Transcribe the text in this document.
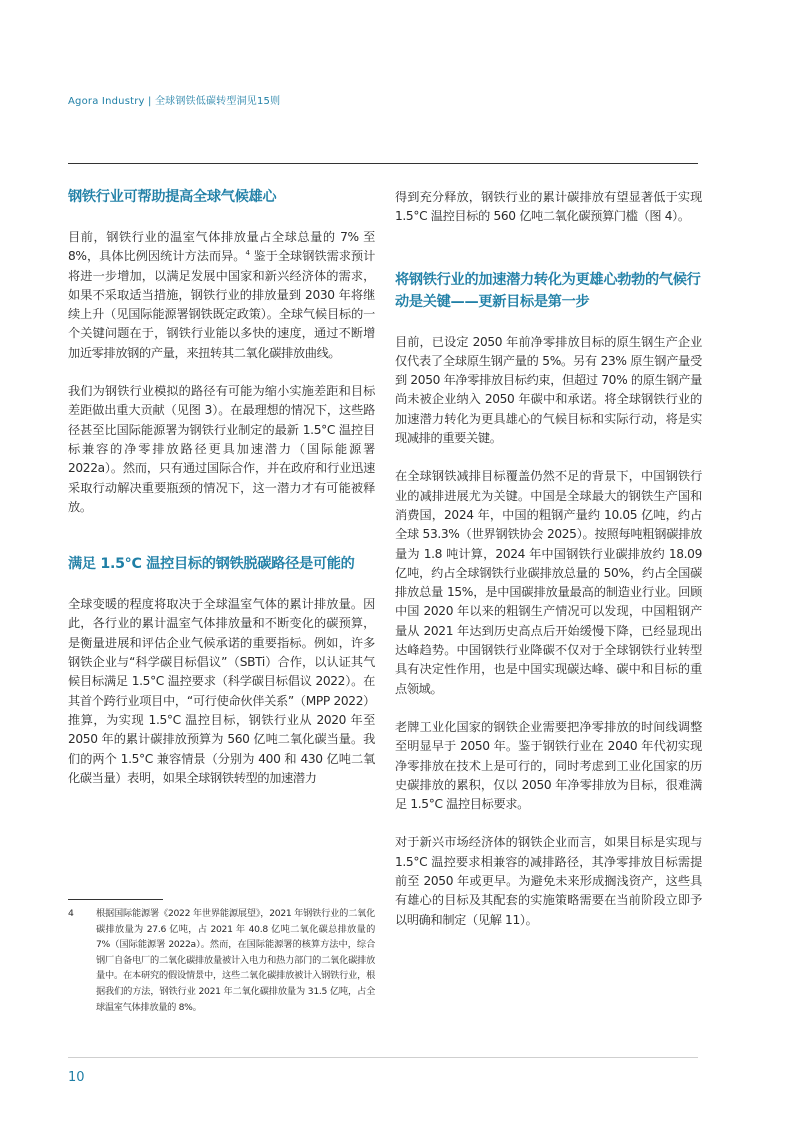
Agora Industry | 全球钢铁低碳转型洞见15则
钢铁行业可帮助提高全球气候雄心

目前，钢铁行业的温室气体排放量占全球总量的 7% 至 8%，具体比例因统计方法而异。$^4$ 鉴于全球钢铁需求预计将进一步增加，以满足发展中国家和新兴经济体的需求，如果不采取适当措施，钢铁行业的排放量到 2030 年将继续上升（见国际能源署钢铁既定政策）。全球气候目标的一个关键问题在于，钢铁行业能以多快的速度，通过不断增加近零排放钢的产量，来扭转其二氧化碳排放曲线。

我们为钢铁行业模拟的路径有可能为缩小实施差距和目标差距做出重大贡献（见图 3）。在最理想的情况下，这些路径甚至比国际能源署为钢铁行业制定的最新 1.5°C 温控目标兼容的净零排放路径更具加速潜力（国际能源署 2022a）。然而，只有通过国际合作，并在政府和行业迅速采取行动解决重要瓶颈的情况下，这一潜力才有可能被释放。

满足 1.5°C 温控目标的钢铁脱碳路径是可能的

全球变暖的程度将取决于全球温室气体的累计排放量。因此，各行业的累计温室气体排放量和不断变化的碳预算，是衡量进展和评估企业气候承诺的重要指标。例如，许多钢铁企业与“科学碳目标倡议”（SBTi）合作，以认证其气候目标满足 1.5°C 温控要求（科学碳目标倡议 2022）。在其首个跨行业项目中，“可行使命伙伴关系”（MPP 2022）推算，为实现 1.5°C 温控目标，钢铁行业从 2020 年至 2050 年的累计碳排放预算为 560 亿吨二氧化碳当量。我们的两个 1.5°C 兼容情景（分别为 400 和 430 亿吨二氧化碳当量）表明，如果全球钢铁转型的加速潜力

得到充分释放，钢铁行业的累计碳排放有望显著低于实现 1.5°C 温控目标的 560 亿吨二氧化碳预算门槛（图 4）。

将钢铁行业的加速潜力转化为更雄心勃勃的气候行动是关键——更新目标是第一步

目前，已设定 2050 年前净零排放目标的原生钢生产企业仅代表了全球原生钢产量的 5%。另有 23% 原生钢产量受到 2050 年净零排放目标约束，但超过 70% 的原生钢产量尚未被企业纳入 2050 年碳中和承诺。将全球钢铁行业的加速潜力转化为更具雄心的气候目标和实际行动，将是实现减排的重要关键。

在全球钢铁减排目标覆盖仍然不足的背景下，中国钢铁行业的减排进展尤为关键。中国是全球最大的钢铁生产国和消费国，2024 年，中国的粗钢产量约 10.05 亿吨，约占全球 53.3%（世界钢铁协会 2025）。按照每吨粗钢碳排放量为 1.8 吨计算，2024 年中国钢铁行业碳排放约 18.09 亿吨，约占全球钢铁行业碳排放总量的 50%，约占全国碳排放总量 15%，是中国碳排放量最高的制造业行业。回顾中国 2020 年以来的粗钢生产情况可以发现，中国粗钢产量从 2021 年达到历史高点后开始缓慢下降，已经显现出达峰趋势。中国钢铁行业降碳不仅对于全球钢铁行业转型具有决定性作用，也是中国实现碳达峰、碳中和目标的重点领域。

老牌工业化国家的钢铁企业需要把净零排放的时间线调整至明显早于 2050 年。鉴于钢铁行业在 2040 年代初实现净零排放在技术上是可行的，同时考虑到工业化国家的历史碳排放的累积，仅以 2050 年净零排放为目标，很难满足 1.5°C 温控目标要求。

对于新兴市场经济体的钢铁企业而言，如果目标是实现与 1.5°C 温控要求相兼容的减排路径，其净零排放目标需提前至 2050 年或更早。为避免未来形成搁浅资产，这些具有雄心的目标及其配套的实施策略需要在当前阶段立即予以明确和制定（见解 11）。

4	根据国际能源署《2022 年世界能源展望》，2021 年钢铁行业的二氧化碳排放量为 27.6 亿吨，占 2021 年 40.8 亿吨二氧化碳总排放量的 7%（国际能源署 2022a）。然而，在国际能源署的核算方法中，综合钢厂自备电厂的二氧化碳排放量被计入电力和热力部门的二氧化碳排放量中。在本研究的假设情景中，这些二氧化碳排放被计入钢铁行业，根据我们的方法，钢铁行业 2021 年二氧化碳排放量为 31.5 亿吨，占全球温室气体排放量的 8%。
10
